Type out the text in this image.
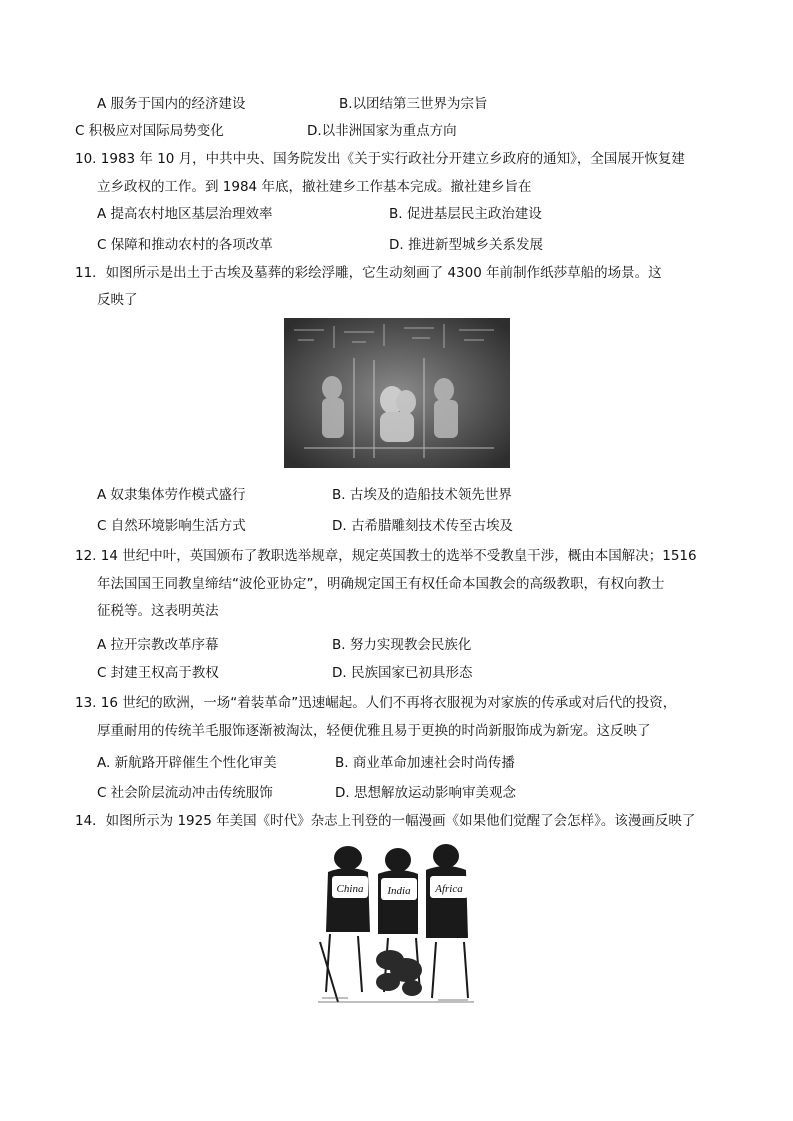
A 服务于国内的经济建设	B.以团结第三世界为宗旨
C 积极应对国际局势变化	D.以非洲国家为重点方向
10. 1983 年 10 月，中共中央、国务院发出《关于实行政社分开建立乡政府的通知》，全国展开恢复建
立乡政权的工作。到 1984 年底，撤社建乡工作基本完成。撤社建乡旨在
A 提高农村地区基层治理效率	B. 促进基层民主政治建设
C 保障和推动农村的各项改革	D. 推进新型城乡关系发展
11．如图所示是出土于古埃及墓葬的彩绘浮雕，它生动刻画了 4300 年前制作纸莎草船的场景。这
反映了
A 奴隶集体劳作模式盛行	B. 古埃及的造船技术领先世界
C 自然环境影响生活方式	D. 古希腊雕刻技术传至古埃及
12. 14 世纪中叶，英国颁布了教职选举规章，规定英国教士的选举不受教皇干涉，概由本国解决；1516
年法国国王同教皇缔结“波伦亚协定”，明确规定国王有权任命本国教会的高级教职，有权向教士
征税等。这表明英法
A 拉开宗教改革序幕	B. 努力实现教会民族化
C 封建王权高于教权	D. 民族国家已初具形态
13. 16 世纪的欧洲，一场“着装革命”迅速崛起。人们不再将衣服视为对家族的传承或对后代的投资，
厚重耐用的传统羊毛服饰逐渐被淘汰，轻便优雅且易于更换的时尚新服饰成为新宠。这反映了
A. 新航路开辟催生个性化审美	B. 商业革命加速社会时尚传播
C 社会阶层流动冲击传统服饰	D. 思想解放运动影响审美观念
14．如图所示为 1925 年美国《时代》杂志上刊登的一幅漫画《如果他们觉醒了会怎样》。该漫画反映了
China India Africa
